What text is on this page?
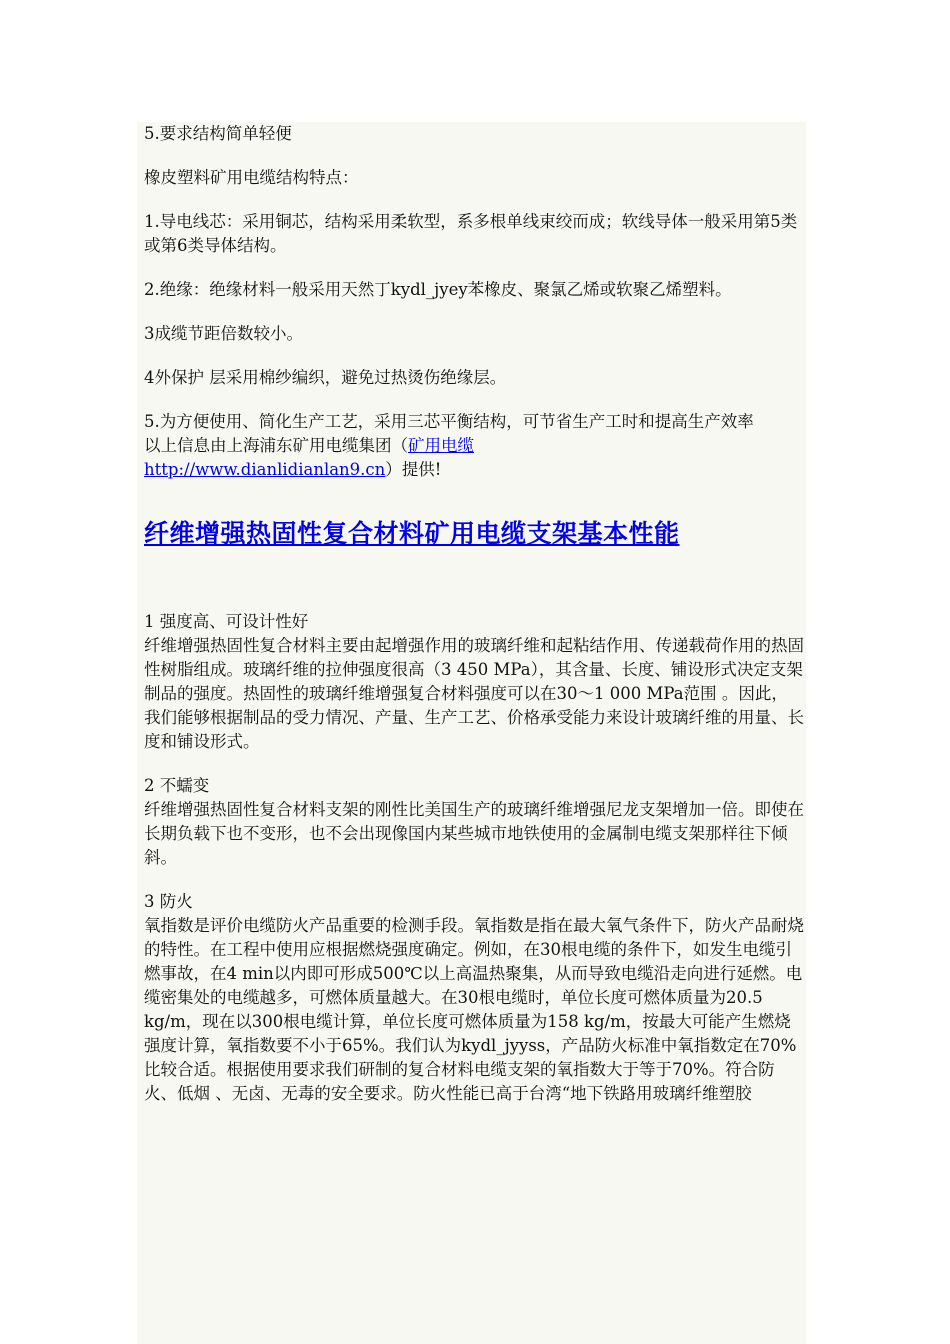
5.要求结构简单轻便

橡皮塑料矿用电缆结构特点：

1.导电线芯：采用铜芯，结构采用柔软型，系多根单线束绞而成；软线导体一般采用第5类或第6类导体结构。

2.绝缘：绝缘材料一般采用天然丁kydl_jyey苯橡皮、聚氯乙烯或软聚乙烯塑料。

3成缆节距倍数较小。

4外保护 层采用棉纱编织，避免过热烫伤绝缘层。

5.为方便使用、简化生产工艺，采用三芯平衡结构，可节省生产工时和提高生产效率

以上信息由上海浦东矿用电缆集团（矿用电缆
http://www.dianlidianlan9.cn）提供!

纤维增强热固性复合材料矿用电缆支架基本性能

1 强度高、可设计性好

纤维增强热固性复合材料主要由起增强作用的玻璃纤维和起粘结作用、传递载荷作用的热固性树脂组成。玻璃纤维的拉伸强度很高（3 450 MPa），其含量、长度、铺设形式决定支架制品的强度。热固性的玻璃纤维增强复合材料强度可以在30～1 000 MPa范围 。因此，我们能够根据制品的受力情况、产量、生产工艺、价格承受能力来设计玻璃纤维的用量、长度和铺设形式。

2 不蠕变

纤维增强热固性复合材料支架的刚性比美国生产的玻璃纤维增强尼龙支架增加一倍。即使在长期负载下也不变形，也不会出现像国内某些城市地铁使用的金属制电缆支架那样往下倾斜。

3 防火

氧指数是评价电缆防火产品重要的检测手段。氧指数是指在最大氧气条件下，防火产品耐烧的特性。在工程中使用应根据燃烧强度确定。例如，在30根电缆的条件下，如发生电缆引燃事故，在4 min以内即可形成500℃以上高温热聚集，从而导致电缆沿走向进行延燃。电缆密集处的电缆越多，可燃体质量越大。在30根电缆时，单位长度可燃体质量为20.5 kg/m，现在以300根电缆计算，单位长度可燃体质量为158 kg/m，按最大可能产生燃烧强度计算，氧指数要不小于65%。我们认为kydl_jyyss，产品防火标准中氧指数定在70%比较合适。根据使用要求我们研制的复合材料电缆支架的氧指数大于等于70%。符合防火、低烟 、无卤、无毒的安全要求。防火性能已高于台湾“地下铁路用玻璃纤维塑胶
